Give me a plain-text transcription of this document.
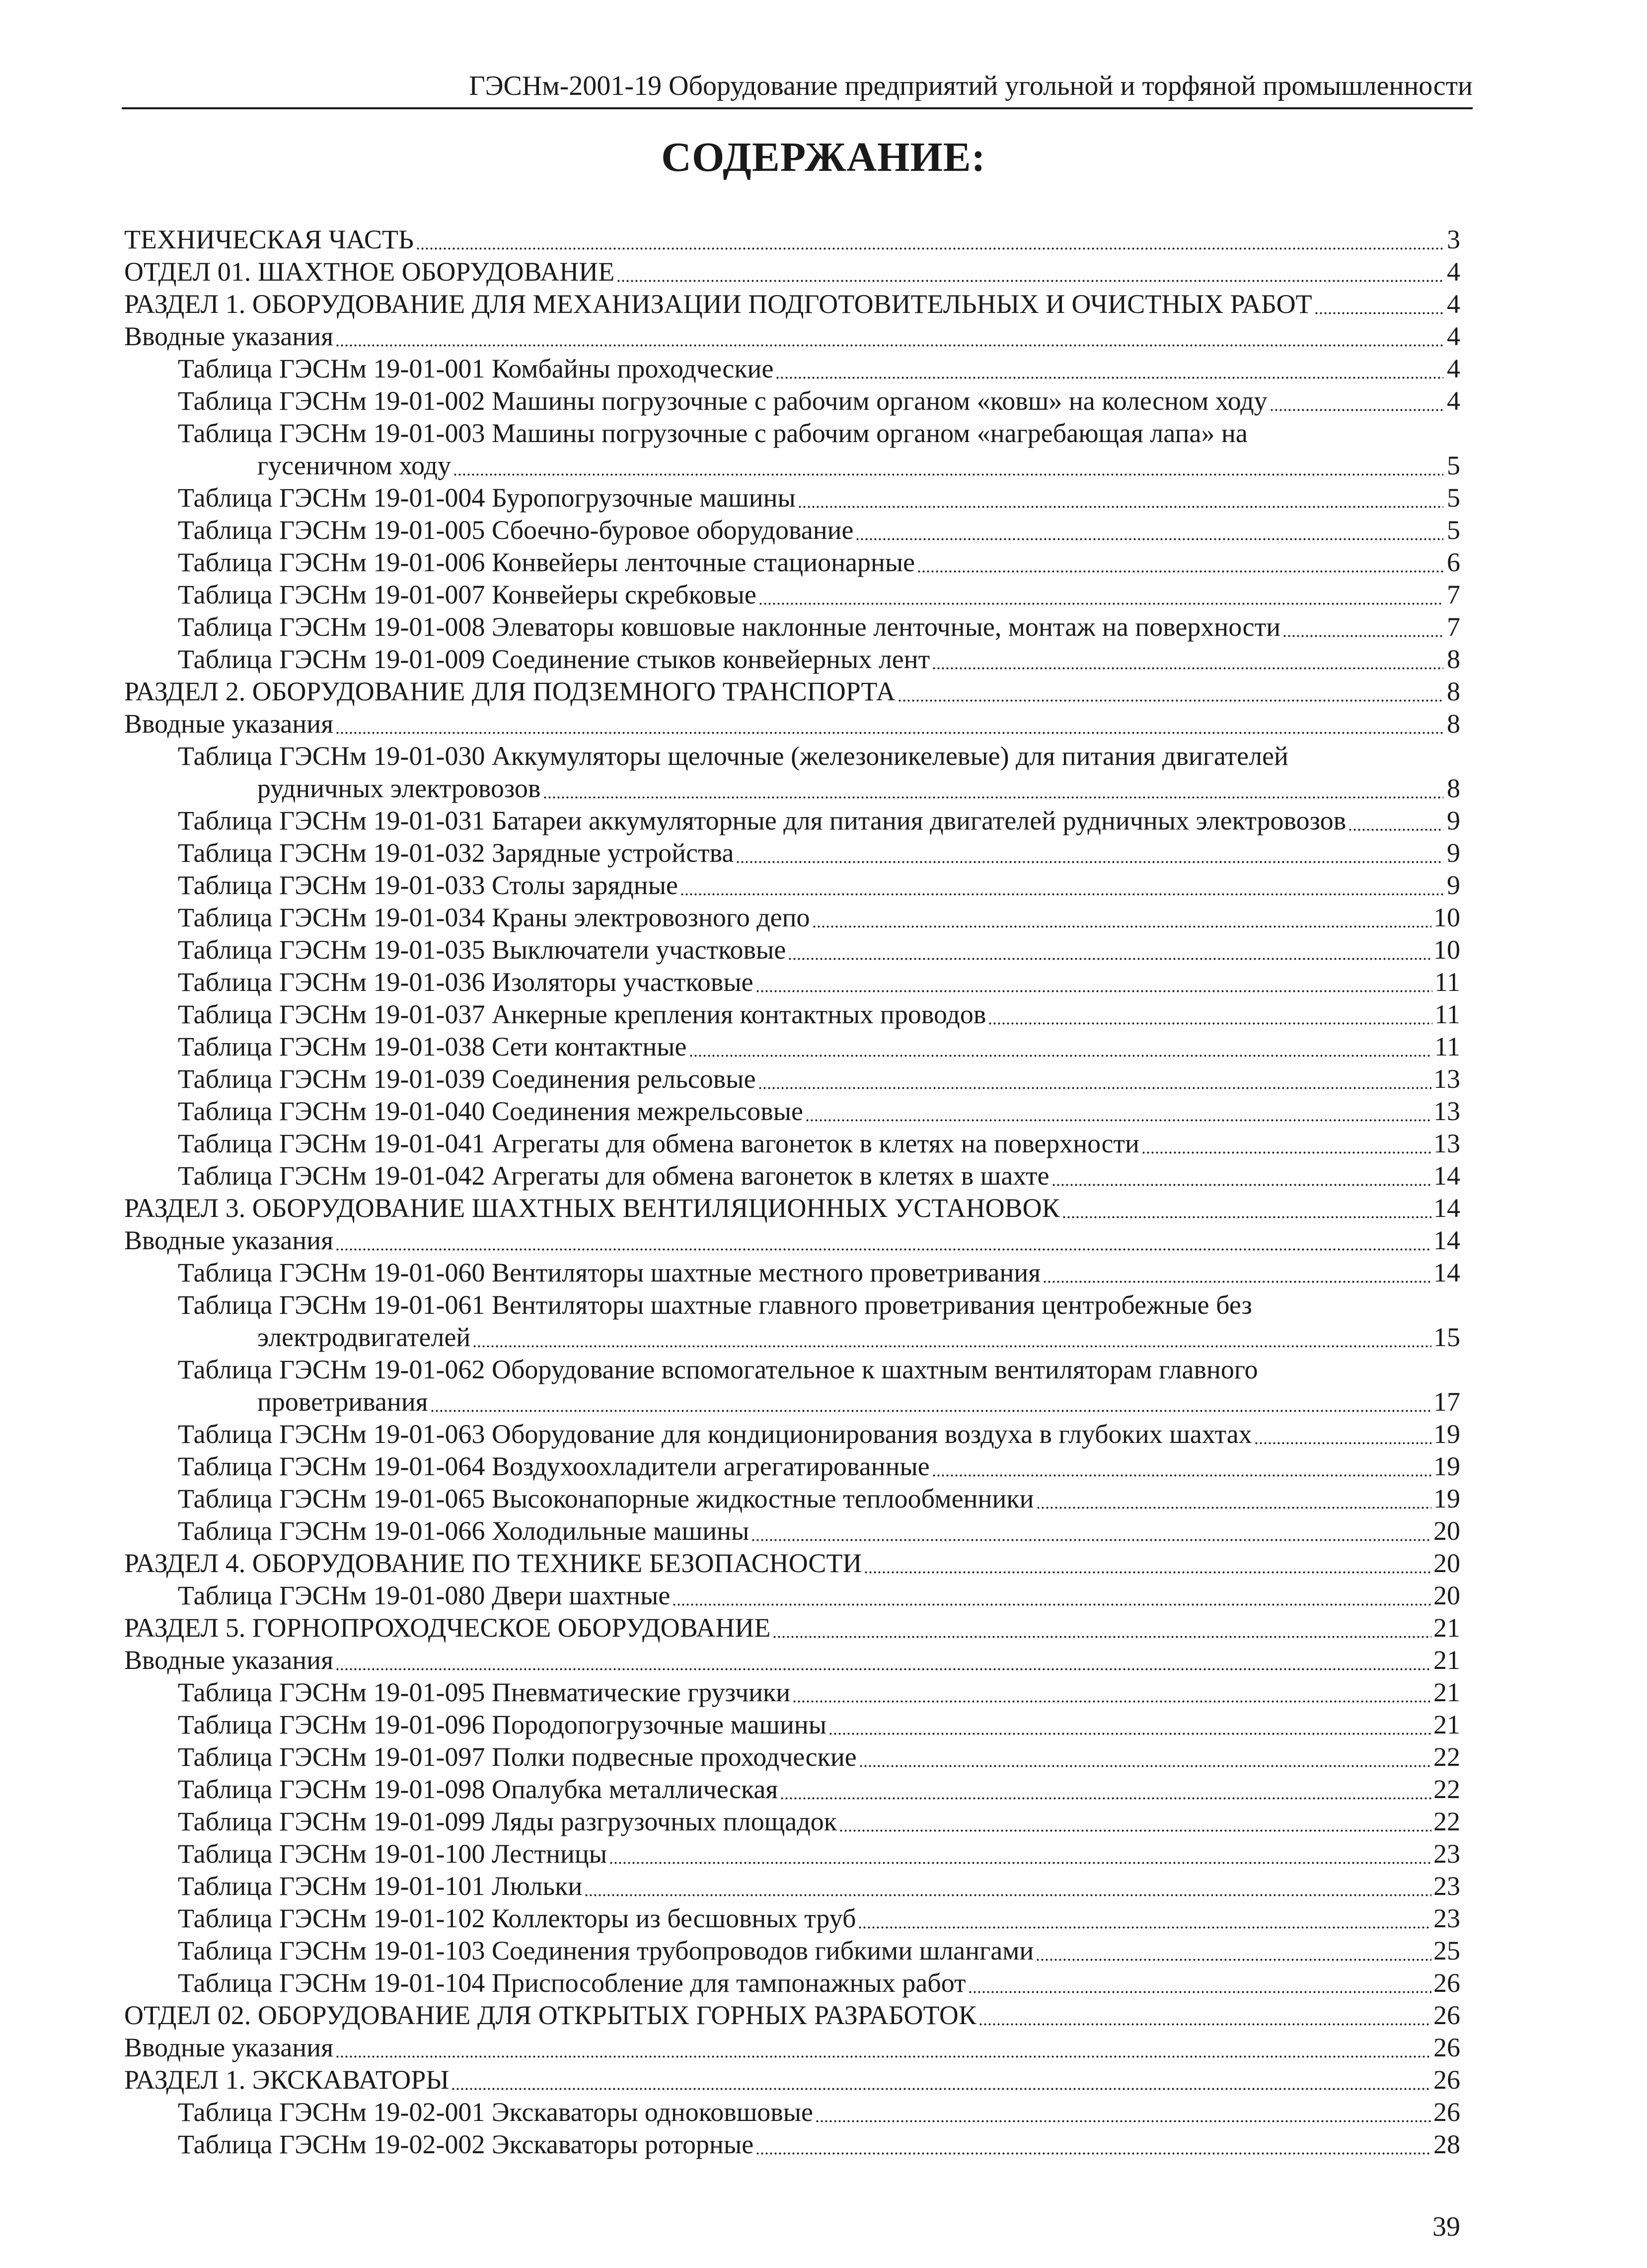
ГЭСНм-2001-19 Оборудование предприятий угольной и торфяной промышленности
СОДЕРЖАНИЕ:
ТЕХНИЧЕСКАЯ ЧАСТЬ	3
ОТДЕЛ 01. ШАХТНОЕ ОБОРУДОВАНИЕ	4
РАЗДЕЛ 1. ОБОРУДОВАНИЕ ДЛЯ МЕХАНИЗАЦИИ ПОДГОТОВИТЕЛЬНЫХ И ОЧИСТНЫХ РАБОТ	4
Вводные указания	4
Таблица ГЭСНм 19-01-001 Комбайны проходческие	4
Таблица ГЭСНм 19-01-002 Машины погрузочные с рабочим органом «ковш» на колесном ходу	4
Таблица ГЭСНм 19-01-003 Машины погрузочные с рабочим органом «нагребающая лапа» на
гусеничном ходу	5
Таблица ГЭСНм 19-01-004 Буропогрузочные машины	5
Таблица ГЭСНм 19-01-005 Сбоечно-буровое оборудование	5
Таблица ГЭСНм 19-01-006 Конвейеры ленточные стационарные	6
Таблица ГЭСНм 19-01-007 Конвейеры скребковые	7
Таблица ГЭСНм 19-01-008 Элеваторы ковшовые наклонные ленточные, монтаж на поверхности	7
Таблица ГЭСНм 19-01-009 Соединение стыков конвейерных лент	8
РАЗДЕЛ 2. ОБОРУДОВАНИЕ ДЛЯ ПОДЗЕМНОГО ТРАНСПОРТА	8
Вводные указания	8
Таблица ГЭСНм 19-01-030 Аккумуляторы щелочные (железоникелевые) для питания двигателей
рудничных электровозов	8
Таблица ГЭСНм 19-01-031 Батареи аккумуляторные для питания двигателей рудничных электровозов	9
Таблица ГЭСНм 19-01-032 Зарядные устройства	9
Таблица ГЭСНм 19-01-033 Столы зарядные	9
Таблица ГЭСНм 19-01-034 Краны электровозного депо	10
Таблица ГЭСНм 19-01-035 Выключатели участковые	10
Таблица ГЭСНм 19-01-036 Изоляторы участковые	11
Таблица ГЭСНм 19-01-037 Анкерные крепления контактных проводов	11
Таблица ГЭСНм 19-01-038 Сети контактные	11
Таблица ГЭСНм 19-01-039 Соединения рельсовые	13
Таблица ГЭСНм 19-01-040 Соединения межрельсовые	13
Таблица ГЭСНм 19-01-041 Агрегаты для обмена вагонеток в клетях на поверхности	13
Таблица ГЭСНм 19-01-042 Агрегаты для обмена вагонеток в клетях в шахте	14
РАЗДЕЛ 3. ОБОРУДОВАНИЕ ШАХТНЫХ ВЕНТИЛЯЦИОННЫХ УСТАНОВОК	14
Вводные указания	14
Таблица ГЭСНм 19-01-060 Вентиляторы шахтные местного проветривания	14
Таблица ГЭСНм 19-01-061 Вентиляторы шахтные главного проветривания центробежные без
электродвигателей	15
Таблица ГЭСНм 19-01-062 Оборудование вспомогательное к шахтным вентиляторам главного
проветривания	17
Таблица ГЭСНм 19-01-063 Оборудование для кондиционирования воздуха в глубоких шахтах	19
Таблица ГЭСНм 19-01-064 Воздухоохладители агрегатированные	19
Таблица ГЭСНм 19-01-065 Высоконапорные жидкостные теплообменники	19
Таблица ГЭСНм 19-01-066 Холодильные машины	20
РАЗДЕЛ 4. ОБОРУДОВАНИЕ ПО ТЕХНИКЕ БЕЗОПАСНОСТИ	20
Таблица ГЭСНм 19-01-080 Двери шахтные	20
РАЗДЕЛ 5. ГОРНОПРОХОДЧЕСКОЕ ОБОРУДОВАНИЕ	21
Вводные указания	21
Таблица ГЭСНм 19-01-095 Пневматические грузчики	21
Таблица ГЭСНм 19-01-096 Породопогрузочные машины	21
Таблица ГЭСНм 19-01-097 Полки подвесные проходческие	22
Таблица ГЭСНм 19-01-098 Опалубка металлическая	22
Таблица ГЭСНм 19-01-099 Ляды разгрузочных площадок	22
Таблица ГЭСНм 19-01-100 Лестницы	23
Таблица ГЭСНм 19-01-101 Люльки	23
Таблица ГЭСНм 19-01-102 Коллекторы из бесшовных труб	23
Таблица ГЭСНм 19-01-103 Соединения трубопроводов гибкими шлангами	25
Таблица ГЭСНм 19-01-104 Приспособление для тампонажных работ	26
ОТДЕЛ 02. ОБОРУДОВАНИЕ ДЛЯ ОТКРЫТЫХ ГОРНЫХ РАЗРАБОТОК	26
Вводные указания	26
РАЗДЕЛ 1. ЭКСКАВАТОРЫ	26
Таблица ГЭСНм 19-02-001 Экскаваторы одноковшовые	26
Таблица ГЭСНм 19-02-002 Экскаваторы роторные	28
39
